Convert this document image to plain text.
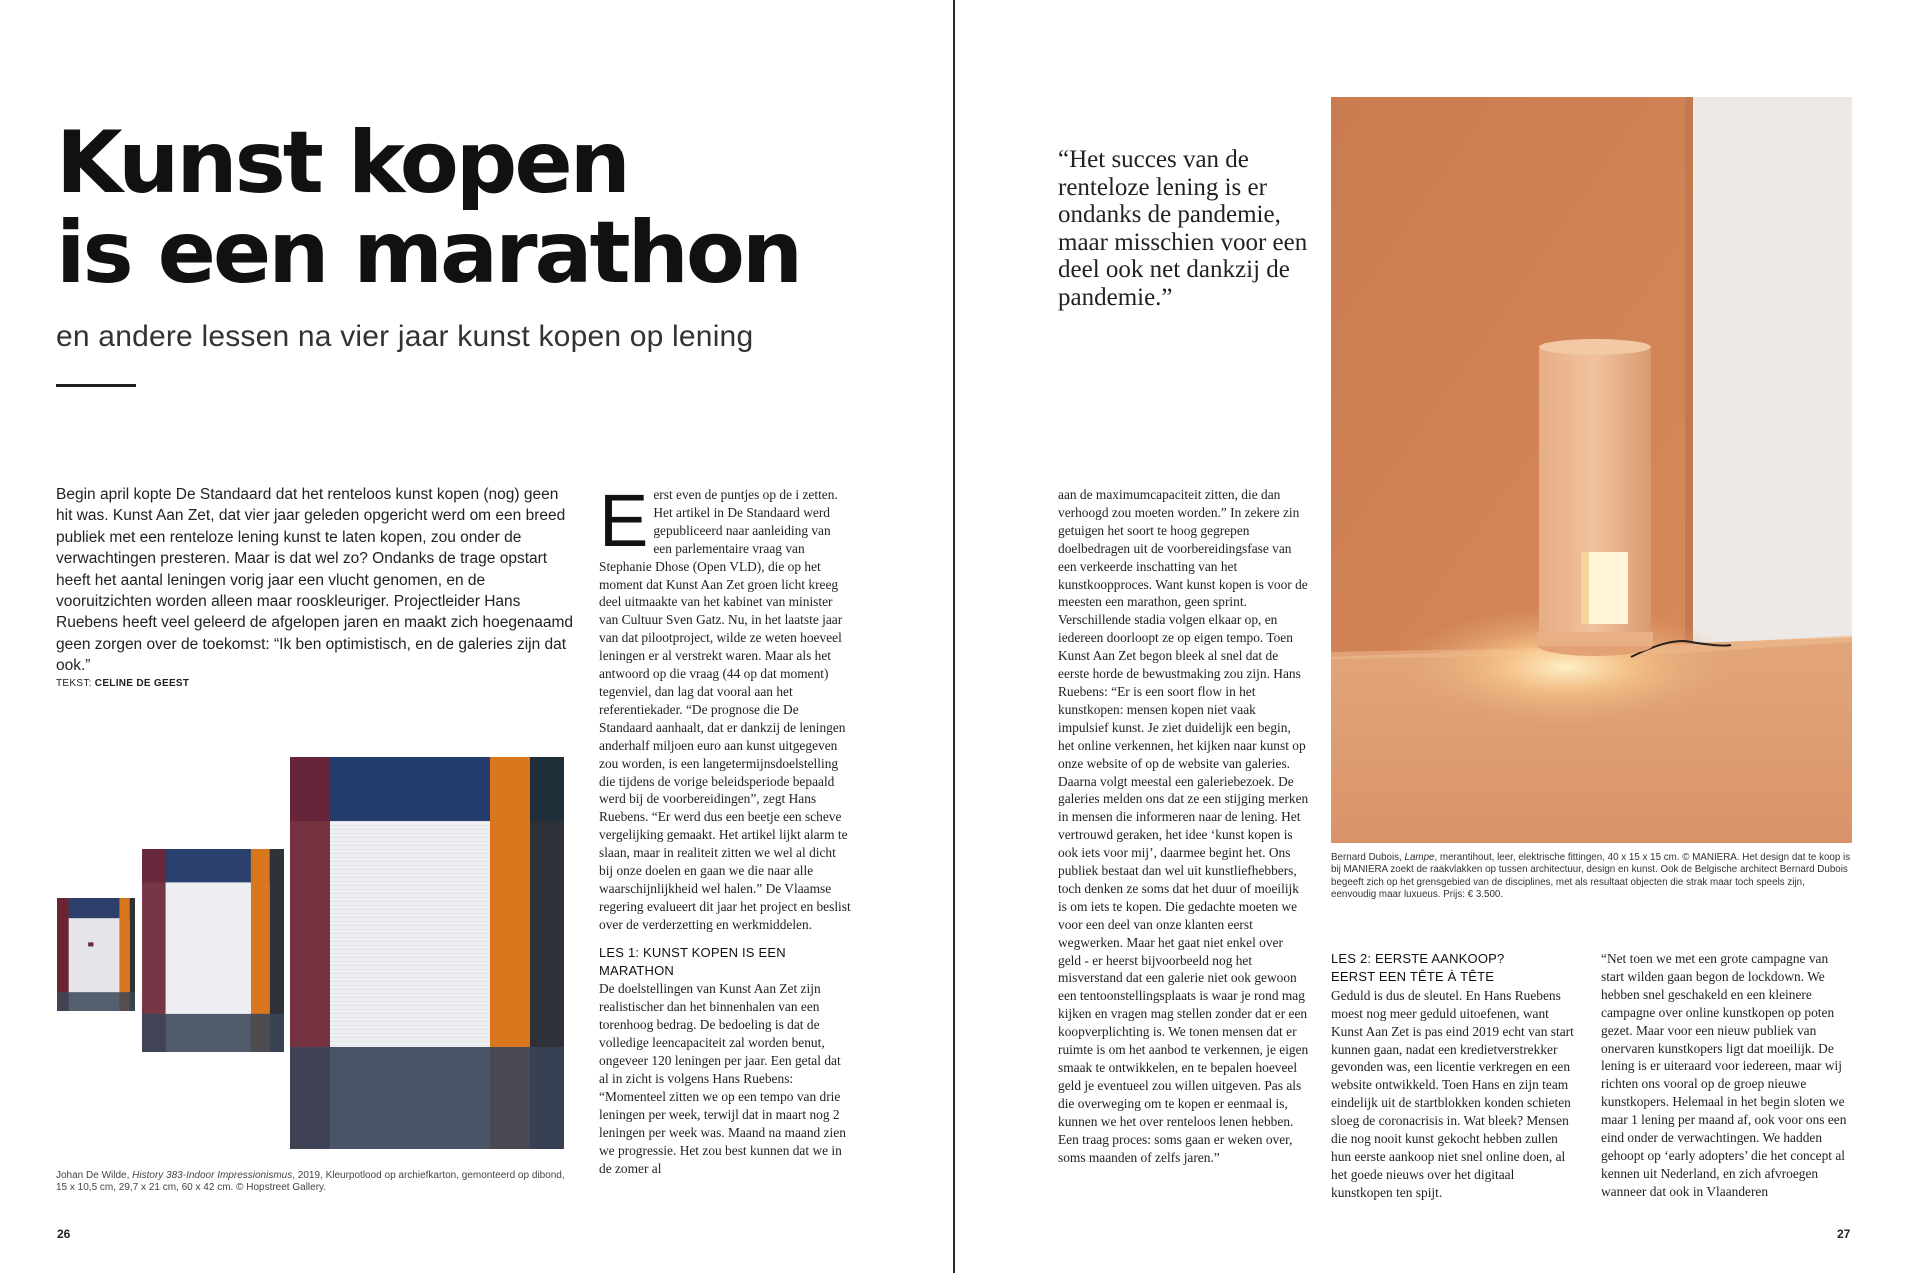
Kunst kopen
is een marathon
en andere lessen na vier jaar kunst kopen op lening

Begin april kopte De Standaard dat het renteloos kunst kopen (nog) geen hit was. Kunst Aan Zet, dat vier jaar geleden opgericht werd om een breed publiek met een renteloze lening kunst te laten kopen, zou onder de verwachtingen presteren. Maar is dat wel zo? Ondanks de trage opstart heeft het aantal leningen vorig jaar een vlucht genomen, en de vooruitzichten worden alleen maar rooskleuriger. Projectleider Hans Ruebens heeft veel geleerd de afgelopen jaren en maakt zich hoegenaamd geen zorgen over de toekomst: “Ik ben optimistisch, en de galeries zijn dat ook.”

TEKST: CELINE DE GEEST

Johan De Wilde, History 383-Indoor Impressionismus, 2019, Kleurpotlood op archiefkarton, gemonteerd op dibond, 15 x 10,5 cm, 29,7 x 21 cm, 60 x 42 cm. © Hopstreet Gallery.

E erst even de puntjes op de i zetten. Het artikel in De Standaard werd gepubliceerd naar aanleiding van een parlementaire vraag van Stephanie Dhose (Open VLD), die op het moment dat Kunst Aan Zet groen licht kreeg deel uitmaakte van het kabinet van minister van Cultuur Sven Gatz. Nu, in het laatste jaar van dat pilootproject, wilde ze weten hoeveel leningen er al verstrekt waren. Maar als het antwoord op die vraag (44 op dat moment) tegenviel, dan lag dat vooral aan het referentiekader. “De prognose die De Standaard aanhaalt, dat er dankzij de leningen anderhalf miljoen euro aan kunst uitgegeven zou worden, is een langetermijnsdoelstelling die tijdens de vorige beleidsperiode bepaald werd bij de voorbereidingen”, zegt Hans Ruebens. “Er werd dus een beetje een scheve vergelijking gemaakt. Het artikel lijkt alarm te slaan, maar in realiteit zitten we wel al dicht bij onze doelen en gaan we die naar alle waarschijnlijkheid wel halen.” De Vlaamse regering evalueert dit jaar het project en beslist over de verderzetting en werkmiddelen.

LES 1: KUNST KOPEN IS EEN MARATHON

De doelstellingen van Kunst Aan Zet zijn realistischer dan het binnenhalen van een torenhoog bedrag. De bedoeling is dat de volledige leencapaciteit zal worden benut, ongeveer 120 leningen per jaar. Een getal dat al in zicht is volgens Hans Ruebens: “Momenteel zitten we op een tempo van drie leningen per week, terwijl dat in maart nog 2 leningen per week was. Maand na maand zien we progressie. Het zou best kunnen dat we in de zomer al

26	27
“Het succes van de renteloze lening is er ondanks de pandemie, maar misschien voor een deel ook net dankzij de pandemie.”

Bernard Dubois, Lampe, merantihout, leer, elektrische fittingen, 40 x 15 x 15 cm. © MANIERA. Het design dat te koop is bij MANIERA zoekt de raakvlakken op tussen architectuur, design en kunst. Ook de Belgische architect Bernard Dubois begeeft zich op het grensgebied van de disciplines, met als resultaat objecten die strak maar toch speels zijn, eenvoudig maar luxueus. Prijs: € 3.500.

aan de maximumcapaciteit zitten, die dan verhoogd zou moeten worden.” In zekere zin getuigen het soort te hoog gegrepen doelbedragen uit de voorbereidingsfase van een verkeerde inschatting van het kunstkoopproces. Want kunst kopen is voor de meesten een marathon, geen sprint. Verschillende stadia volgen elkaar op, en iedereen doorloopt ze op eigen tempo. Toen Kunst Aan Zet begon bleek al snel dat de eerste horde de bewustmaking zou zijn. Hans Ruebens: “Er is een soort flow in het kunstkopen: mensen kopen niet vaak impulsief kunst. Je ziet duidelijk een begin, het online verkennen, het kijken naar kunst op onze website of op de website van galeries. Daarna volgt meestal een galeriebezoek. De galeries melden ons dat ze een stijging merken in mensen die informeren naar de lening. Het vertrouwd geraken, het idee ‘kunst kopen is ook iets voor mij’, daarmee begint het. Ons publiek bestaat dan wel uit kunstliefhebbers, toch denken ze soms dat het duur of moeilijk is om iets te kopen. Die gedachte moeten we voor een deel van onze klanten eerst wegwerken. Maar het gaat niet enkel over geld - er heerst bijvoorbeeld nog het misverstand dat een galerie niet ook gewoon een tentoonstellingsplaats is waar je rond mag kijken en vragen mag stellen zonder dat er een koopverplichting is. We tonen mensen dat er ruimte is om het aanbod te verkennen, je eigen smaak te ontwikkelen, en te bepalen hoeveel geld je eventueel zou willen uitgeven. Pas als die overweging om te kopen er eenmaal is, kunnen we het over renteloos lenen hebben. Een traag proces: soms gaan er weken over, soms maanden of zelfs jaren.”

LES 2: EERSTE AANKOOP?
EERST EEN TÊTE À TÊTE

Geduld is dus de sleutel. En Hans Ruebens moest nog meer geduld uitoefenen, want Kunst Aan Zet is pas eind 2019 echt van start kunnen gaan, nadat een kredietverstrekker gevonden was, een licentie verkregen en een website ontwikkeld. Toen Hans en zijn team eindelijk uit de startblokken konden schieten sloeg de coronacrisis in. Wat bleek? Mensen die nog nooit kunst gekocht hebben zullen hun eerste aankoop niet snel online doen, al het goede nieuws over het digitaal kunstkopen ten spijt.

“Net toen we met een grote campagne van start wilden gaan begon de lockdown. We hebben snel geschakeld en een kleinere campagne over online kunstkopen op poten gezet. Maar voor een nieuw publiek van onervaren kunstkopers ligt dat moeilijk. De lening is er uiteraard voor iedereen, maar wij richten ons vooral op de groep nieuwe kunstkopers. Helemaal in het begin sloten we maar 1 lening per maand af, ook voor ons een eind onder de verwachtingen. We hadden gehoopt op ‘early adopters’ die het concept al kennen uit Nederland, en zich afvroegen wanneer dat ook in Vlaanderen
